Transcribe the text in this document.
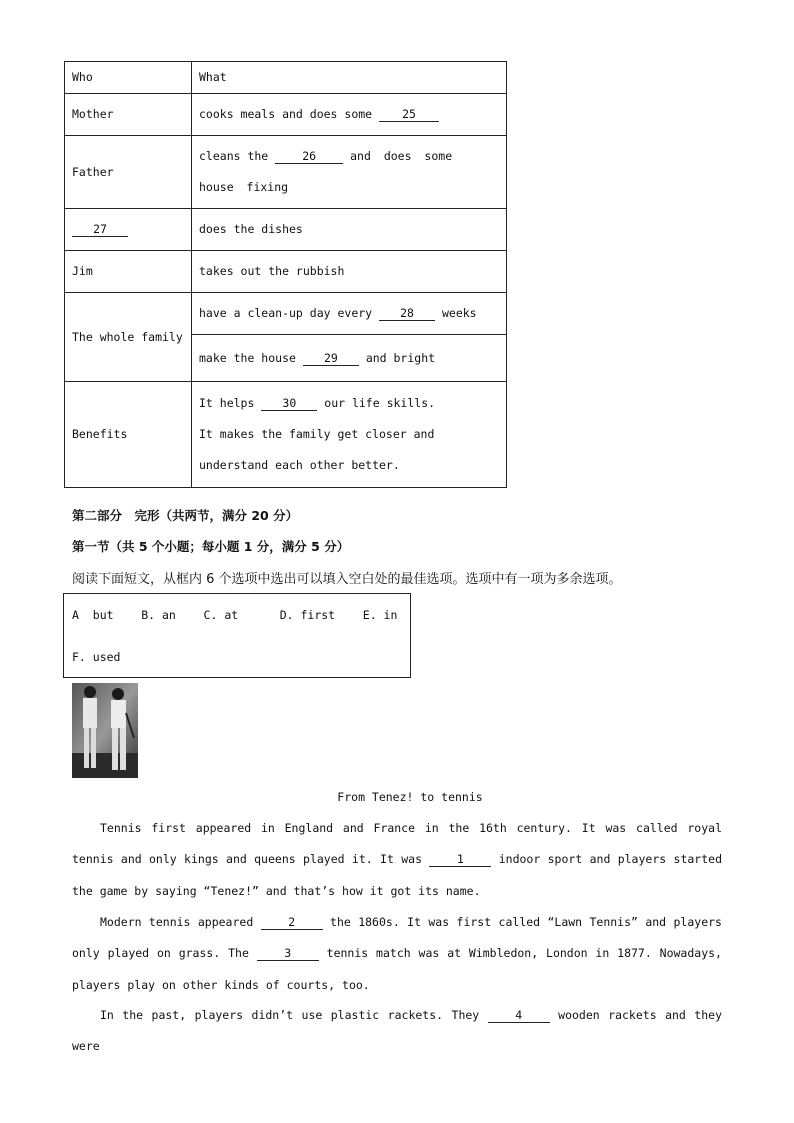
Who	What
Mother	cooks meals and does some 25
Father	cleans the 26 and does some house fixing
27	does the dishes
Jim	takes out the rubbish
The whole family	have a clean-up day every 28 weeks
	make the house 29 and bright
Benefits	It helps 30 our life skills.
It makes the family get closer and understand each other better.
第二部分　完形（共两节，满分 20 分）
第一节（共 5 个小题；每小题 1 分，满分 5 分）
阅读下面短文，从框内 6 个选项中选出可以填入空白处的最佳选项。选项中有一项为多余选项。
A  but    B. an    C. at      D. first    E. in
F. used
From Tenez! to tennis
Tennis first appeared in England and France in the 16th century. It was called royal tennis and only kings and queens played it. It was	1	indoor sport and players started the game by saying “Tenez!” and that’s how it got its name.
Modern tennis appeared	2	the 1860s. It was first called “Lawn Tennis” and players only played on grass. The	3	tennis match was at Wimbledon, London in 1877. Nowadays, players play on other kinds of courts, too.
In the past, players didn’t use plastic rackets. They	4	wooden rackets and they were
